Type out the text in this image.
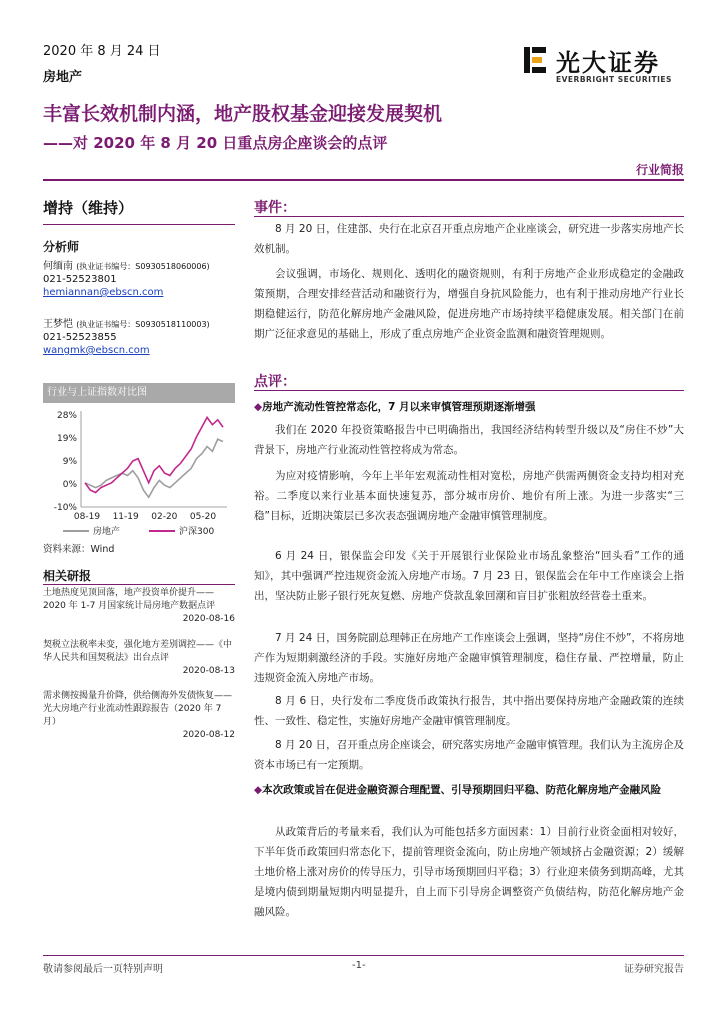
2020 年 8 月 24 日
房地产
光大证券
EVERBRIGHT SECURITIES
丰富长效机制内涵，地产股权基金迎接发展契机
——对 2020 年 8 月 20 日重点房企座谈会的点评
行业简报
增持（维持）
分析师
何缅南 (执业证书编号：S0930518060006)
021-52523801
hemiannan@ebscn.com
王梦恺 (执业证书编号：S0930518110003)
021-52523855
wangmk@ebscn.com
行业与上证指数对比图
28%
19%
9%
0%
-10%
08-19 11-19 02-20 05-20
房地产	沪深300
资料来源：Wind
相关研报
土地热度见顶回落，地产投资单价提升——2020 年 1-7 月国家统计局房地产数据点评
2020-08-16
契税立法税率未变，强化地方差别调控——《中华人民共和国契税法》出台点评
2020-08-13
需求侧按揭量升价降，供给侧海外发债恢复——光大房地产行业流动性跟踪报告（2020 年 7 月）
2020-08-12
事件：
8 月 20 日，住建部、央行在北京召开重点房地产企业座谈会，研究进一步落实房地产长效机制。
会议强调，市场化、规则化、透明化的融资规则，有利于房地产企业形成稳定的金融政策预期，合理安排经营活动和融资行为，增强自身抗风险能力，也有利于推动房地产行业长期稳健运行，防范化解房地产金融风险，促进房地产市场持续平稳健康发展。相关部门在前期广泛征求意见的基础上，形成了重点房地产企业资金监测和融资管理规则。
点评：
◆房地产流动性管控常态化，7 月以来审慎管理预期逐渐增强
我们在 2020 年投资策略报告中已明确指出，我国经济结构转型升级以及“房住不炒”大背景下，房地产行业流动性管控将成为常态。
为应对疫情影响，今年上半年宏观流动性相对宽松，房地产供需两侧资金支持均相对充裕。二季度以来行业基本面快速复苏，部分城市房价、地价有所上涨。为进一步落实“三稳”目标，近期决策层已多次表态强调房地产金融审慎管理制度。
6 月 24 日，银保监会印发《关于开展银行业保险业市场乱象整治“回头看”工作的通知》，其中强调严控违规资金流入房地产市场。7 月 23 日，银保监会在年中工作座谈会上指出，坚决防止影子银行死灰复燃、房地产贷款乱象回潮和盲目扩张粗放经营卷土重来。
7 月 24 日，国务院副总理韩正在房地产工作座谈会上强调，坚持“房住不炒”，不将房地产作为短期刺激经济的手段。实施好房地产金融审慎管理制度，稳住存量、严控增量，防止违规资金流入房地产市场。
8 月 6 日，央行发布二季度货币政策执行报告，其中指出要保持房地产金融政策的连续性、一致性、稳定性，实施好房地产金融审慎管理制度。
8 月 20 日，召开重点房企座谈会，研究落实房地产金融审慎管理。我们认为主流房企及资本市场已有一定预期。
◆本次政策或旨在促进金融资源合理配置、引导预期回归平稳、防范化解房地产金融风险
从政策背后的考量来看，我们认为可能包括多方面因素：1）目前行业资金面相对较好，下半年货币政策回归常态化下，提前管理资金流向，防止房地产领域挤占金融资源；2）缓解土地价格上涨对房价的传导压力，引导市场预期回归平稳；3）行业迎来债务到期高峰，尤其是境内债到期量短期内明显提升，自上而下引导房企调整资产负债结构，防范化解房地产金融风险。
敬请参阅最后一页特别声明	-1-	证券研究报告
